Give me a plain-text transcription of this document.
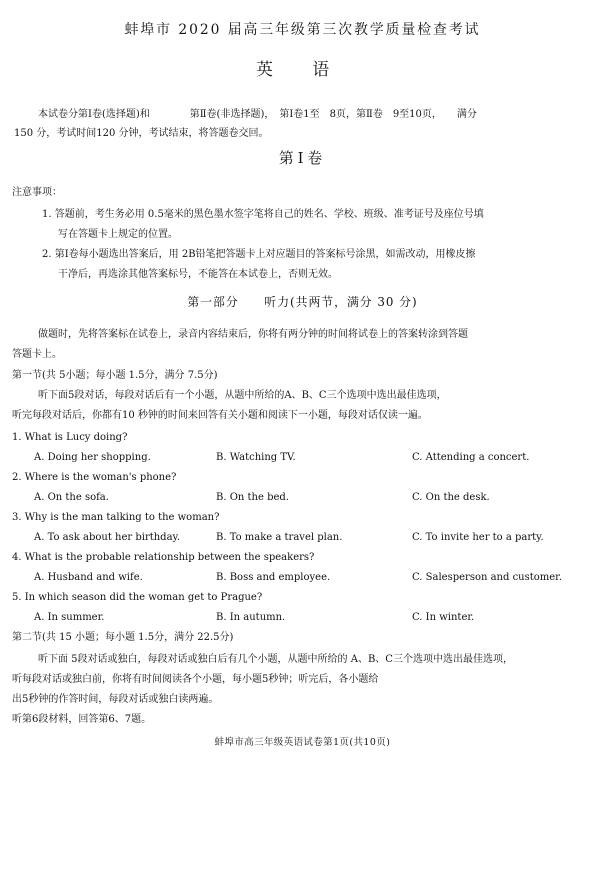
蚌埠市 2020 届高三年级第三次教学质量检查考试
英语
本试卷分第Ⅰ卷(选择题)和　　　　第Ⅱ卷(非选择题)，　第Ⅰ卷1至　8页，第Ⅱ卷　9至10页，　　满分
150 分，考试时间120 分钟，考试结束，将答题卷交回。
第Ⅰ卷
注意事项：
1. 答题前，考生务必用 0.5毫米的黑色墨水签字笔将自己的姓名、学校、班级、准考证号及座位号填
写在答题卡上规定的位置。
2. 第Ⅰ卷每小题选出答案后，用 2B铅笔把答题卡上对应题目的答案标号涂黑，如需改动，用橡皮擦
干净后，再选涂其他答案标号，不能答在本试卷上，否则无效。
第一部分　　听力(共两节，满分 30 分)
做题时，先将答案标在试卷上，录音内容结束后，你将有两分钟的时间将试卷上的答案转涂到答题
答题卡上。
第一节(共 5小题；每小题 1.5分，满分 7.5分)
听下面5段对话，每段对话后有一个小题，从题中所给的A、B、C三个选项中选出最佳选项，
听完每段对话后，你都有10 秒钟的时间来回答有关小题和阅读下一小题，每段对话仅读一遍。
1. What is Lucy doing?
A. Doing her shopping.	B. Watching TV.	C. Attending a concert.
2. Where is the woman's phone?
A. On the sofa.	B. On the bed.	C. On the desk.
3. Why is the man talking to the woman?
A. To ask about her birthday.	B. To make a travel plan.	C. To invite her to a party.
4. What is the probable relationship between the speakers?
A. Husband and wife.	B. Boss and employee.	C. Salesperson and customer.
5. In which season did the woman get to Prague?
A. In summer.	B. In autumn.	C. In winter.
第二节(共 15 小题；每小题 1.5分，满分 22.5分)
听下面 5段对话或独白，每段对话或独白后有几个小题，从题中所给的 A、B、C三个选项中选出最佳选项，
听每段对话或独白前，你将有时间阅读各个小题，每小题5秒钟；听完后，各小题给
出5秒钟的作答时间，每段对话或独白读两遍。
听第6段材料，回答第6、7题。
蚌埠市高三年级英语试卷第1页(共10页)
